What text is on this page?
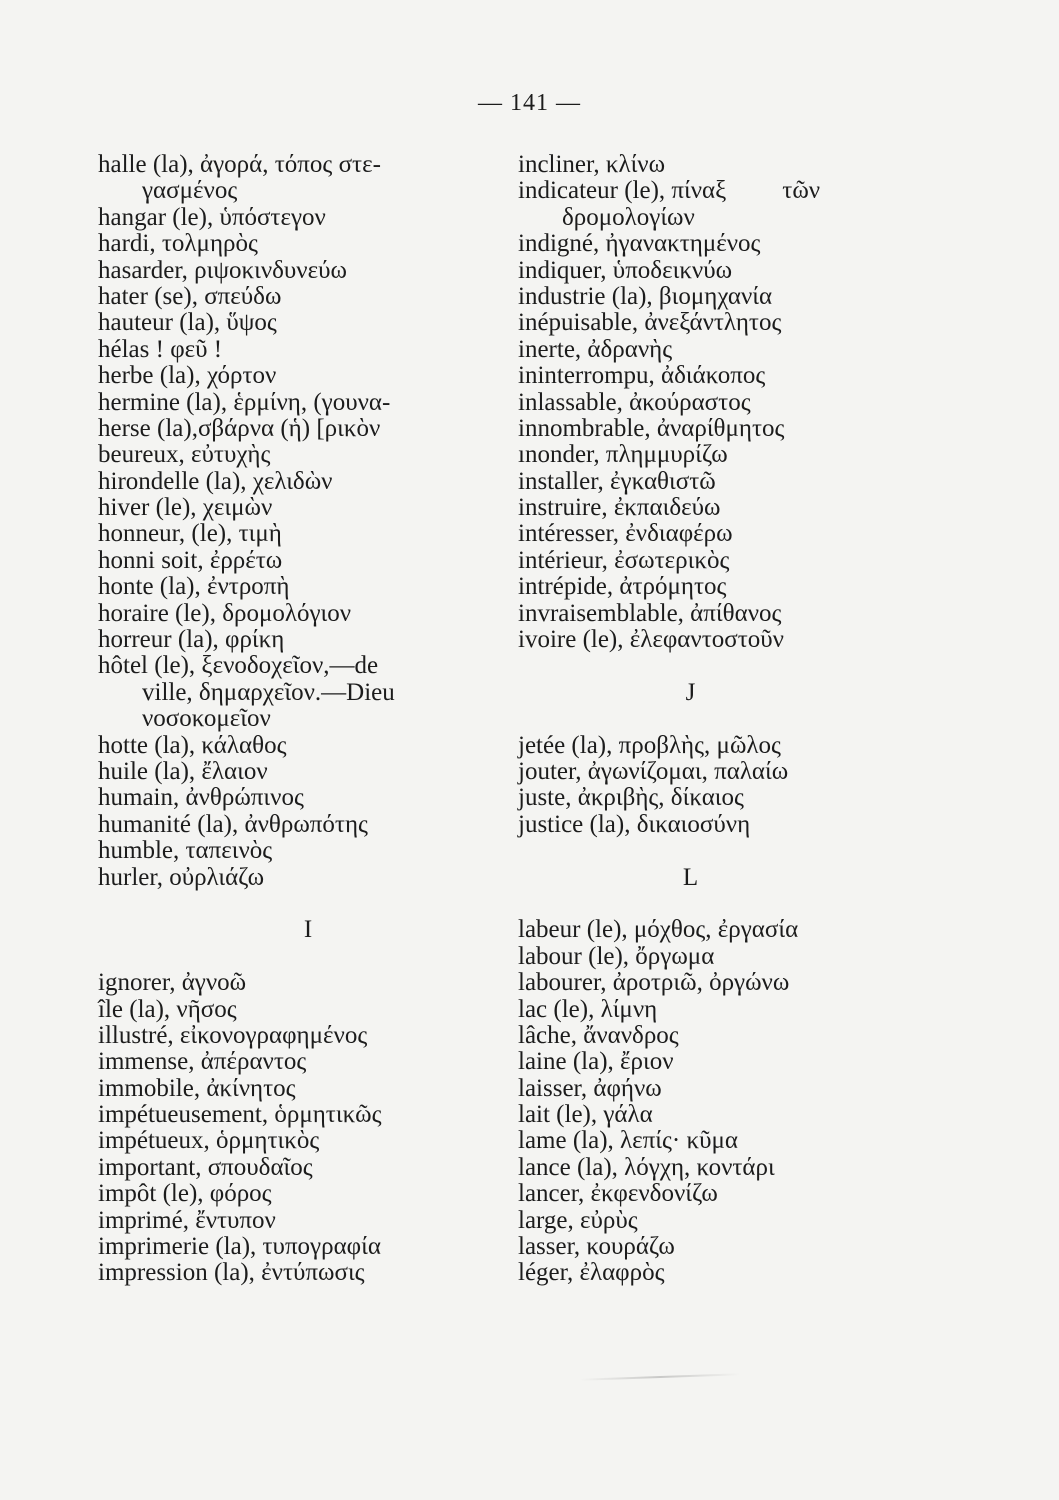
— 141 —
halle (la), ἀγορά, τόπος στε-
γασμένος
hangar (le), ὑπόστεγον
hardi, τολμηρὸς
hasarder, ριψοκινδυνεύω
hater (se), σπεύδω
hauteur (la), ὕψος
hélas ! φεῦ !
herbe (la), χόρτον
hermine (la), ἑρμίνη, (γουνα-
herse (la),σβάρνα (ἡ) [ρικὸν
beureux, εὐτυχὴς
hirondelle (la), χελιδὼν
hiver (le), χειμὼν
honneur, (le), τιμὴ
honni soit, ἐρρέτω
honte (la), ἐντροπὴ
horaire (le), δρομολόγιον
horreur (la), φρίκη
hôtel (le), ξενοδοχεῖον,—de
ville, δημαρχεῖον.—Dieu
νοσοκομεῖον
hotte (la), κάλαθος
huile (la), ἔλαιον
humain, ἀνθρώπινος
humanité (la), ἀνθρωπότης
humble, ταπεινὸς
hurler, οὐρλιάζω
I
ignorer, ἀγνοῶ
île (la), νῆσος
illustré, εἰκονογραφημένος
immense, ἀπέραντος
immobile, ἀκίνητος
impétueusement, ὁρμητικῶς
impétueux, ὁρμητικὸς
important, σπουδαῖος
impôt (le), φόρος
imprimé, ἔντυπον
imprimerie (la), τυπογραφία
impression (la), ἐντύπωσις
incliner, κλίνω
indicateur (le), πίναξ τῶν
δρομολογίων
indigné, ἠγανακτημένος
indiquer, ὑποδεικνύω
industrie (la), βιομηχανία
inépuisable, ἀνεξάντλητος
inerte, ἀδρανὴς
ininterrompu, ἀδιάκοπος
inlassable, ἀκούραστος
innombrable, ἀναρίθμητος
ınonder, πλημμυρίζω
installer, ἐγκαθιστῶ
instruire, ἐκπαιδεύω
intéresser, ἐνδιαφέρω
intérieur, ἐσωτερικὸς
intrépide, ἀτρόμητος
invraisemblable, ἀπίθανος
ivoire (le), ἐλεφαντοστοῦν
J
jetée (la), προβλὴς, μῶλος
jouter, ἀγωνίζομαι, παλαίω
juste, ἀκριβὴς, δίκαιος
justice (la), δικαιοσύνη
L
labeur (le), μόχθος, ἐργασία
labour (le), ὄργωμα
labourer, ἀροτριῶ, ὀργώνω
lac (le), λίμνη
lâche, ἄνανδρος
laine (la), ἔριον
laisser, ἀφήνω
lait (le), γάλα
lame (la), λεπίς· κῦμα
lance (la), λόγχη, κοντάρι
lancer, ἐκφενδονίζω
large, εὐρὺς
lasser, κουράζω
léger, ἐλαφρὸς
